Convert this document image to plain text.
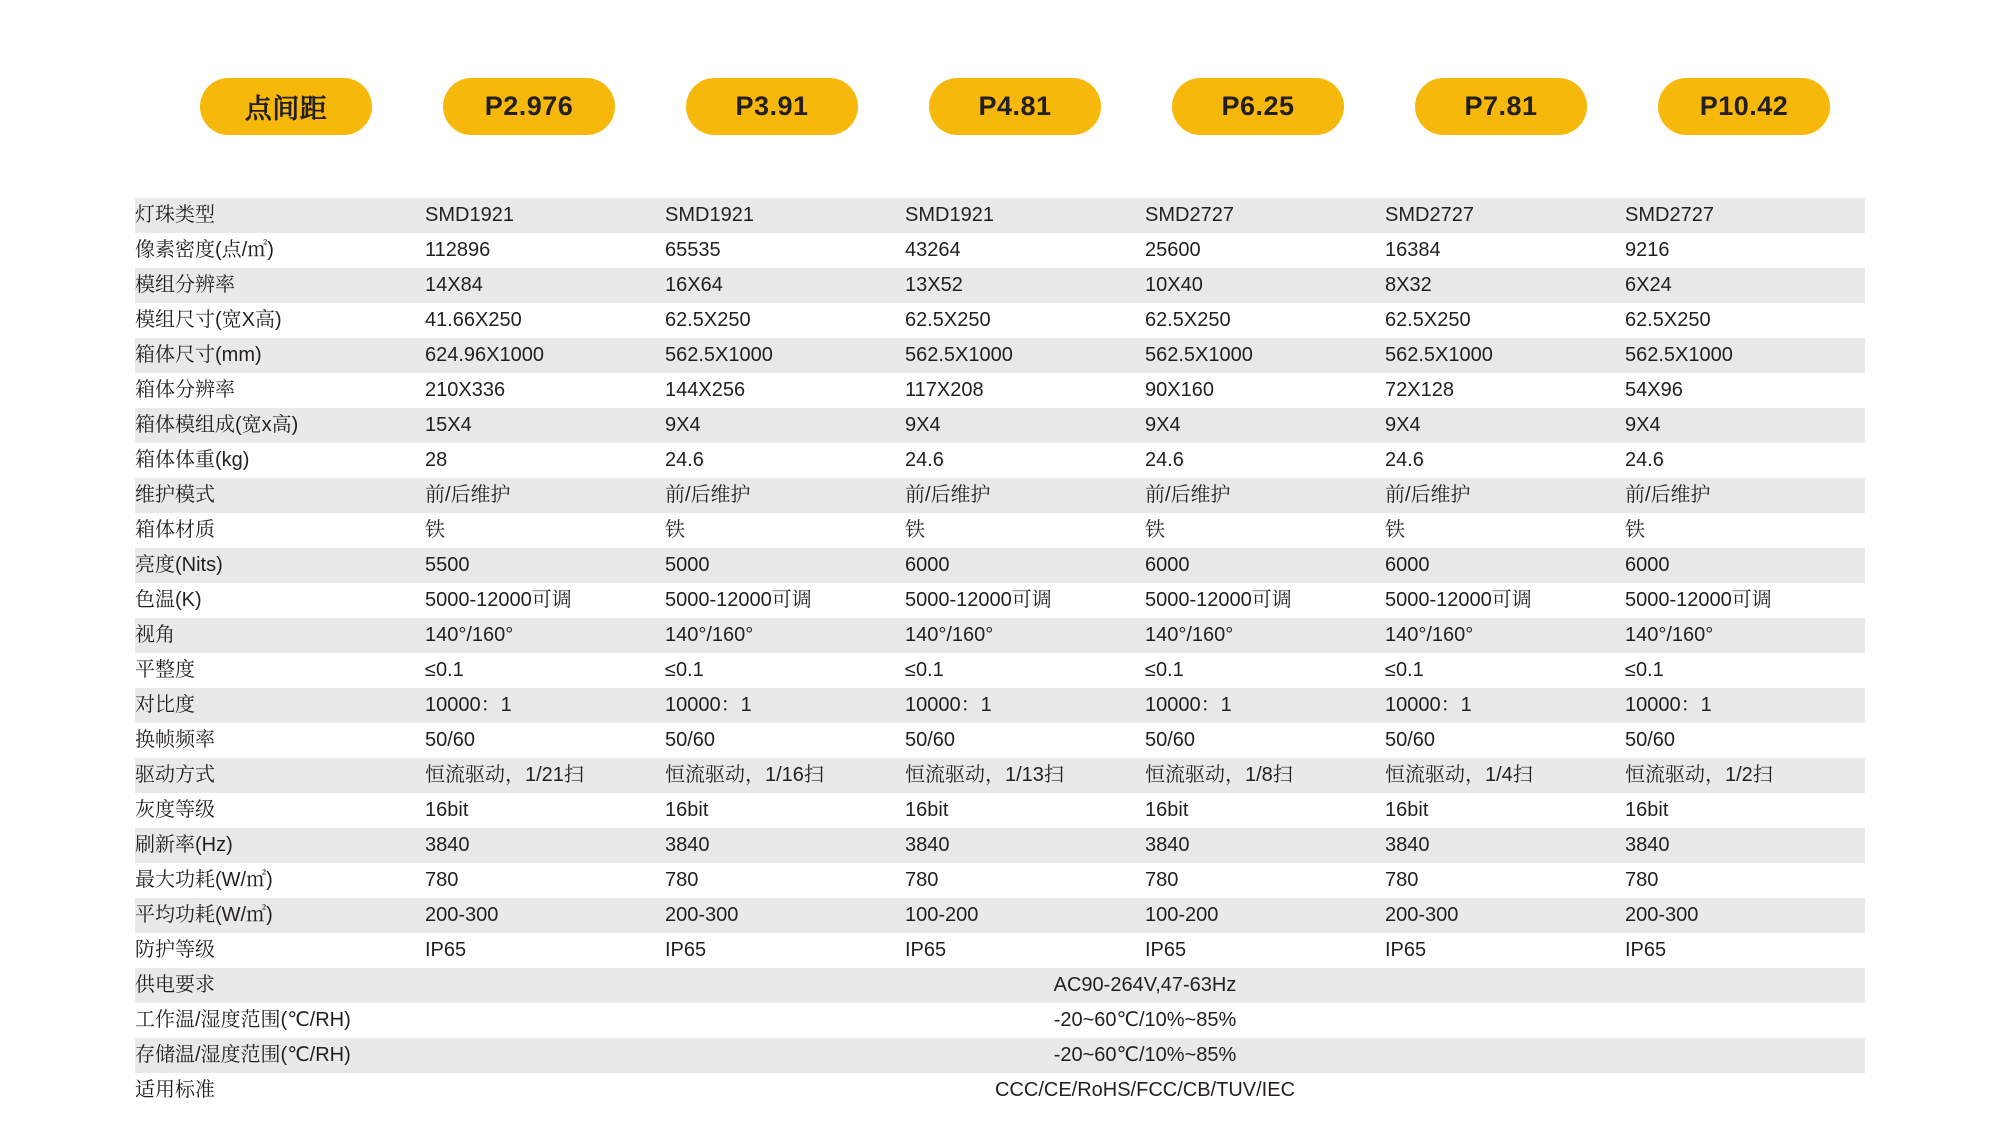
点间距	P2.976	P3.91	P4.81	P6.25	P7.81	P10.42
灯珠类型	SMD1921	SMD1921	SMD1921	SMD2727	SMD2727	SMD2727
像素密度(点/㎡)	112896	65535	43264	25600	16384	9216
模组分辨率	14X84	16X64	13X52	10X40	8X32	6X24
模组尺寸(宽X高)	41.66X250	62.5X250	62.5X250	62.5X250	62.5X250	62.5X250
箱体尺寸(mm)	624.96X1000	562.5X1000	562.5X1000	562.5X1000	562.5X1000	562.5X1000
箱体分辨率	210X336	144X256	117X208	90X160	72X128	54X96
箱体模组成(宽x高)	15X4	9X4	9X4	9X4	9X4	9X4
箱体体重(kg)	28	24.6	24.6	24.6	24.6	24.6
维护模式	前/后维护	前/后维护	前/后维护	前/后维护	前/后维护	前/后维护
箱体材质	铁	铁	铁	铁	铁	铁
亮度(Nits)	5500	5000	6000	6000	6000	6000
色温(K)	5000-12000可调	5000-12000可调	5000-12000可调	5000-12000可调	5000-12000可调	5000-12000可调
视角	140°/160°	140°/160°	140°/160°	140°/160°	140°/160°	140°/160°
平整度	≤0.1	≤0.1	≤0.1	≤0.1	≤0.1	≤0.1
对比度	10000：1	10000：1	10000：1	10000：1	10000：1	10000：1
换帧频率	50/60	50/60	50/60	50/60	50/60	50/60
驱动方式	恒流驱动，1/21扫	恒流驱动，1/16扫	恒流驱动，1/13扫	恒流驱动，1/8扫	恒流驱动，1/4扫	恒流驱动，1/2扫
灰度等级	16bit	16bit	16bit	16bit	16bit	16bit
刷新率(Hz)	3840	3840	3840	3840	3840	3840
最大功耗(W/㎡)	780	780	780	780	780	780
平均功耗(W/㎡)	200-300	200-300	100-200	100-200	200-300	200-300
防护等级	IP65	IP65	IP65	IP65	IP65	IP65
供电要求	AC90-264V,47-63Hz					
工作温/湿度范围(℃/RH)	-20~60℃/10%~85%					
存储温/湿度范围(℃/RH)	-20~60℃/10%~85%					
适用标准	CCC/CE/RoHS/FCC/CB/TUV/IEC					
